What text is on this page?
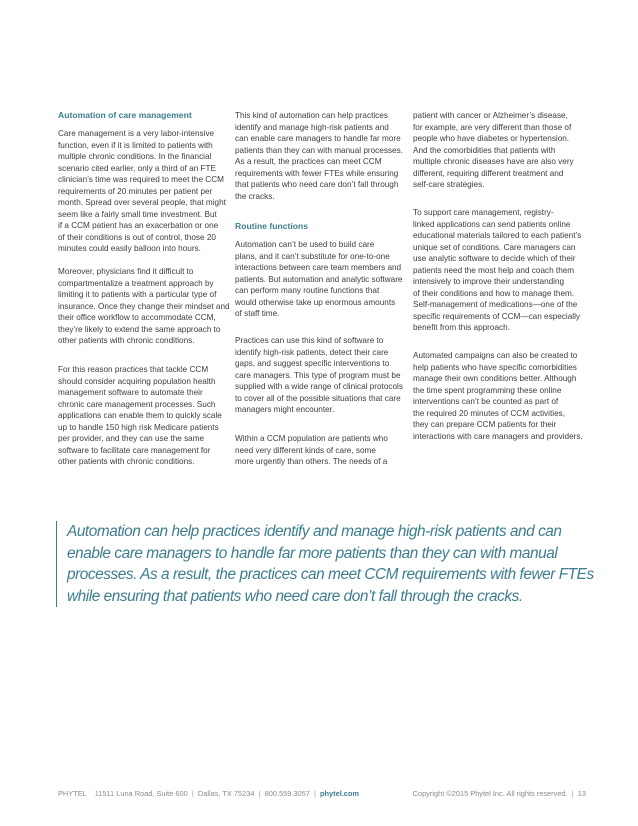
Automation of care management

Care management is a very labor-intensive
function, even if it is limited to patients with
multiple chronic conditions. In the financial
scenario cited earlier, only a third of an FTE
clinician’s time was required to meet the CCM
requirements of 20 minutes per patient per
month. Spread over several people, that might
seem like a fairly small time investment. But
if a CCM patient has an exacerbation or one
of their conditions is out of control, those 20
minutes could easily balloon into hours.
Moreover, physicians find it difficult to
compartmentalize a treatment approach by
limiting it to patients with a particular type of
insurance. Once they change their mindset and
their office workflow to accommodate CCM,
they’re likely to extend the same approach to
other patients with chronic conditions.
For this reason practices that tackle CCM
should consider acquiring population health
management software to automate their
chronic care management processes. Such
applications can enable them to quickly scale
up to handle 150 high risk Medicare patients
per provider, and they can use the same
software to facilitate care management for
other patients with chronic conditions.
This kind of automation can help practices
identify and manage high-risk patients and
can enable care managers to handle far more
patients than they can with manual processes.
As a result, the practices can meet CCM
requirements with fewer FTEs while ensuring
that patients who need care don’t fall through
the cracks.

Routine functions

Automation can’t be used to build care
plans, and it can’t substitute for one-to-one
interactions between care team members and
patients. But automation and analytic software
can perform many routine functions that
would otherwise take up enormous amounts
of staff time.
Practices can use this kind of software to
identify high-risk patients, detect their care
gaps, and suggest specific interventions to
care managers. This type of program must be
supplied with a wide range of clinical protocols
to cover all of the possible situations that care
managers might encounter.
Within a CCM population are patients who
need very different kinds of care, some
more urgently than others. The needs of a
patient with cancer or Alzheimer’s disease,
for example, are very different than those of
people who have diabetes or hypertension.
And the comorbidities that patients with
multiple chronic diseases have are also very
different, requiring different treatment and
self-care strategies.
To support care management, registry-
linked applications can send patients online
educational materials tailored to each patient’s
unique set of conditions. Care managers can
use analytic software to decide which of their
patients need the most help and coach them
intensively to improve their understanding
of their conditions and how to manage them.
Self-management of medications—one of the
specific requirements of CCM—can especially
benefit from this approach.
Automated campaigns can also be created to
help patients who have specific comorbidities
manage their own conditions better. Although
the time spent programming these online
interventions can’t be counted as part of
the required 20 minutes of CCM activities,
they can prepare CCM patients for their
interactions with care managers and providers.
Automation can help practices identify and manage high-risk patients and can
enable care managers to handle far more patients than they can with manual
processes. As a result, the practices can meet CCM requirements with fewer FTEs
while ensuring that patients who need care don’t fall through the cracks.
PHYTEL 11511 Luna Road, Suite 600  |  Dallas, TX 75234  |  800.559.3057  |  phytel.com	Copyright ©2015 Phytel Inc. All rights reserved.  |  13
